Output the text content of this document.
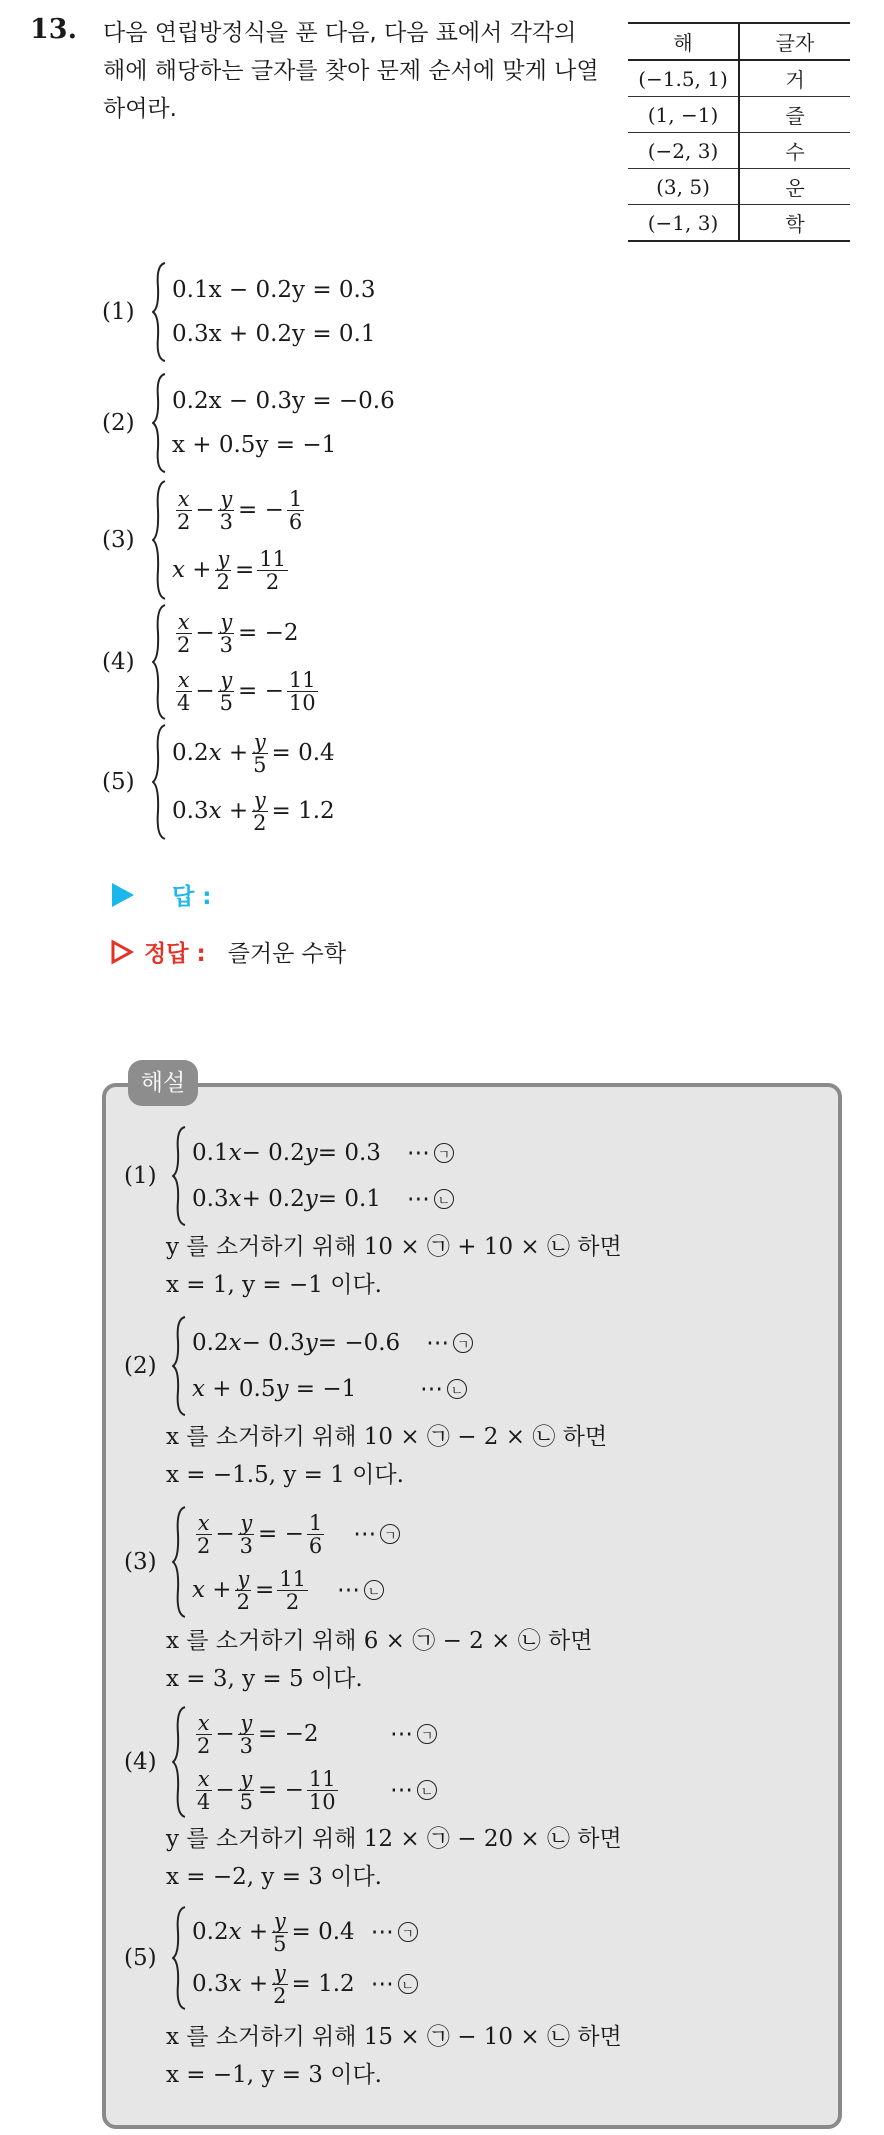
13. 다음 연립방정식을 푼 다음, 다음 표에서 각각의 해에 해당하는 글자를 찾아 문제 순서에 맞게 나열하여라.
해	글자
(−1.5, 1)	거
(1, −1)	즐
(−2, 3)	수
(3, 5)	운
(−1, 3)	학
(1)
0.1x − 0.2y = 0.3
0.3x + 0.2y = 0.1
(2)
0.2x − 0.3y = −0.6
x + 0.5y = −1
(3)
$\frac{x}{2} - \frac{y}{3}$ = − $\frac{1}{6}$
$x + \frac{y}{2} = \frac{11}{2}$
(4)
$\frac{x}{2} - \frac{y}{3} = -2$
$\frac{x}{4} - \frac{y}{5}$ = − $\frac{11}{10}$
(5)
0.2 $x + \frac{y}{5} = 0.4$
0.3 $x + \frac{y}{2} = 1.2$
답 :
정답 : 즐거운 수학
해설
(1)
0.1 x − 0.2 y = 0.3 ⋯ ㄱ
0.3 x + 0.2 y = 0.1 ⋯ ㄴ
y 를 소거하기 위해 10 × ㉠ + 10 × ㉡ 하면
x = 1, y = −1 이다.
(2)
0.2 x − 0.3 y = −0.6 ⋯ ㄱ
x + 0.5y = −1	⋯ ㄴ
x 를 소거하기 위해 10 × ㉠ − 2 × ㉡ 하면
x = −1.5, y = 1 이다.
(3)
$\frac{x}{2} - \frac{y}{3}$ = − $\frac{1}{6}$ ⋯ ㄱ
$x + \frac{y}{2} = \frac{11}{2}$ ⋯ ㄴ
x 를 소거하기 위해 6 × ㉠ − 2 × ㉡ 하면
x = 3, y = 5 이다.
(4)
$\frac{x}{2} - \frac{y}{3} = -2$	⋯ ㄱ
$\frac{x}{4} - \frac{y}{5}$ = − $\frac{11}{10}$ ⋯ ㄴ
y 를 소거하기 위해 12 × ㉠ − 20 × ㉡ 하면
x = −2, y = 3 이다.
(5)
0.2 $x + \frac{y}{5} = 0.4$ ⋯ ㄱ
0.3 $x + \frac{y}{2} = 1.2$ ⋯ ㄴ
x 를 소거하기 위해 15 × ㉠ − 10 × ㉡ 하면
x = −1, y = 3 이다.
